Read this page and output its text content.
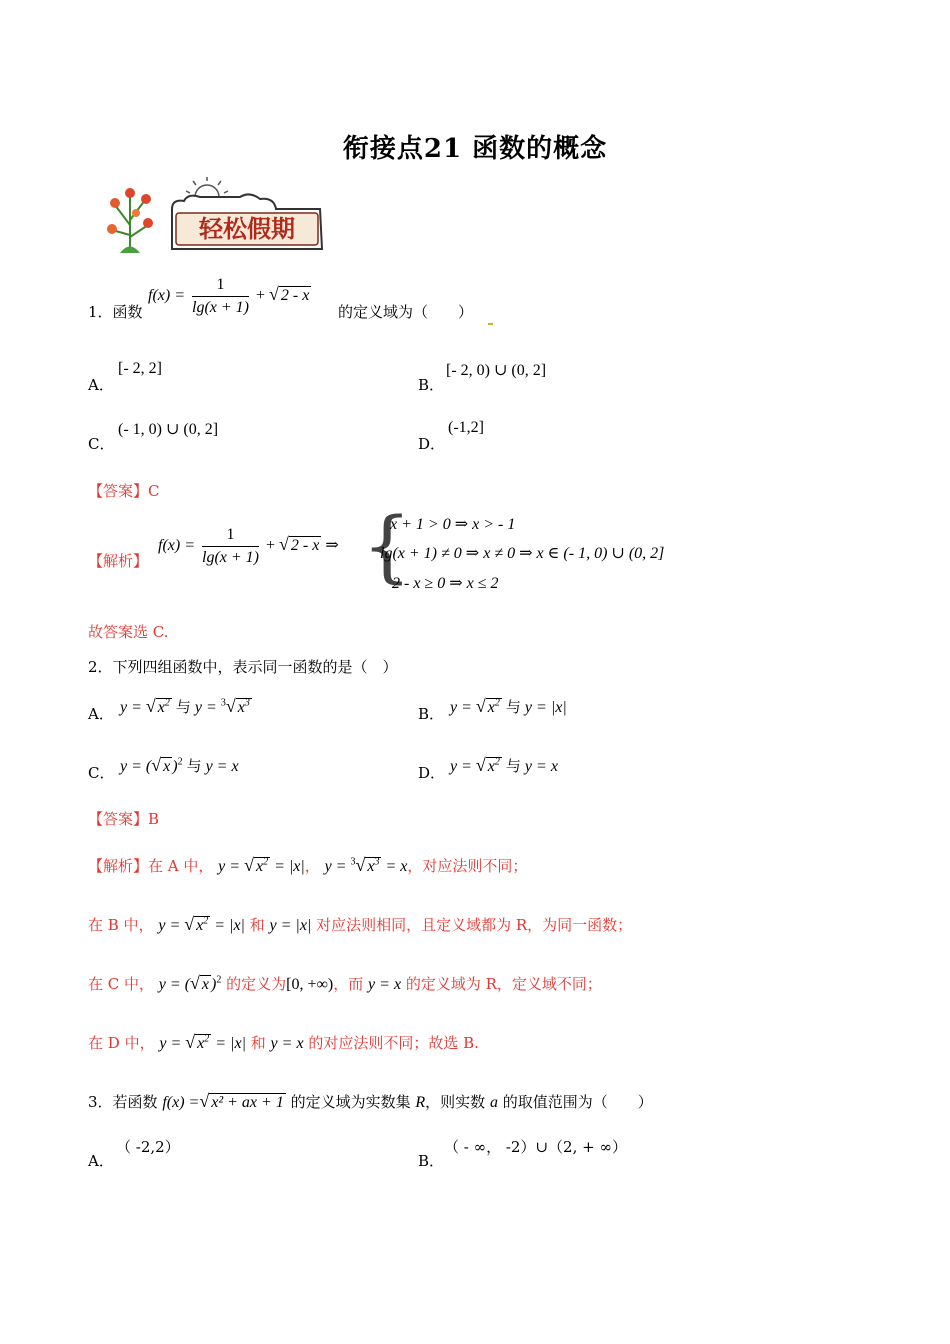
衔接点21 函数的概念
轻松假期
1．函数
$f(x) = \frac{1}{\lg(x + 1)}$ + √ 2 - x
的定义域为（　　）
A．
[- 2, 2]
B．
[- 2, 0) ∪ (0, 2]
C．
(- 1, 0) ∪ (0, 2]
D．
(-1,2]
【答案】C
【解析】
$f(x) = \frac{1}{\lg(x + 1)}$ + √ 2 - x ⇒ {
x + 1 > 0 ⇒ x > - 1
lg(x + 1) ≠ 0 ⇒ x ≠ 0 ⇒ x ∈ (- 1, 0) ∪ (0, 2]
2 - x ≥ 0 ⇒ x ≤ 2
故答案选 C.
2．下列四组函数中，表示同一函数的是（　）
A． y = √ $x^2$ 与 y = $^3$√ $x^3$
B． y = √ $x^2$ 与 y = |x|
C． y = (√ x )$^2$ 与 y = x	D． y = √ $x^2$ 与 y = x
【答案】B
【解析】在 A 中， y = √ $x^2 = |x|$， y = $^3$√ $x^3 = x$，对应法则不同；
在 B 中， y = √ $x^2 = |x|$ 和 y = |x| 对应法则相同，且定义域都为 R，为同一函数；
在 C 中， y = (√ x )$^2$ 的定义为[0, +∞)，而 y = x 的定义域为 R，定义域不同；
在 D 中， y = √ $x^2 = |x|$ 和 y = x 的对应法则不同；故选 B.
3．若函数 f(x) =√ x² + ax + 1 的定义域为实数集 R，则实数 a 的取值范围为（　　）
A．
（ -2,2）
B．
（ - ∞， -2）∪（2, + ∞）
